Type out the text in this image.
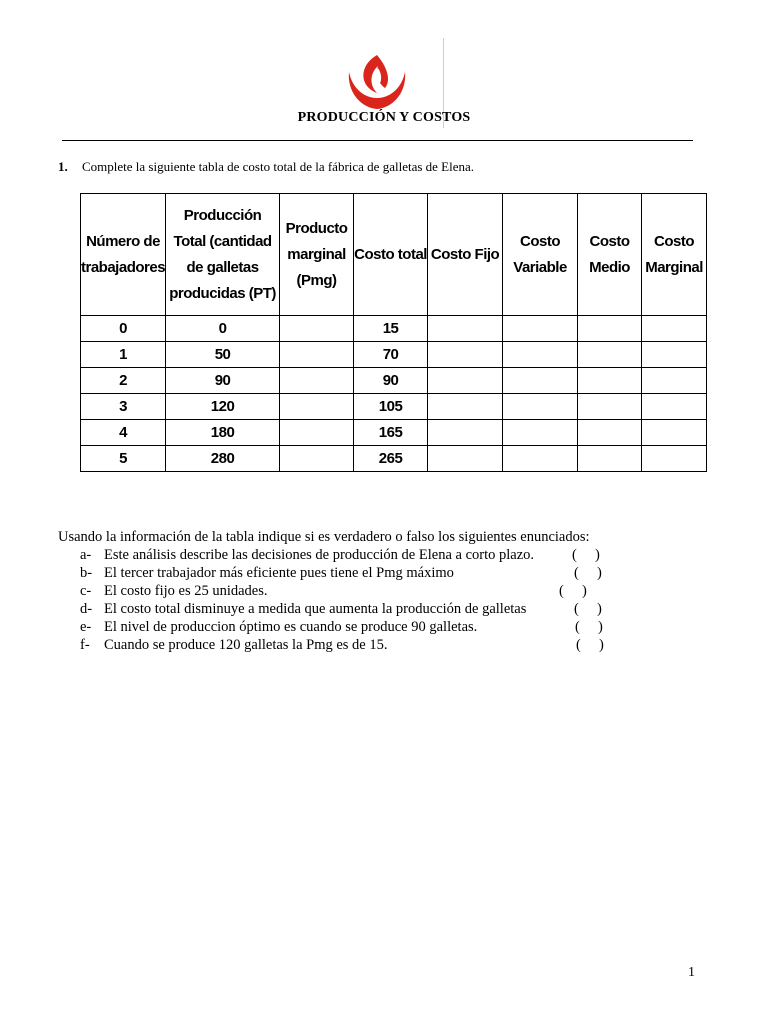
PRODUCCIÓN Y COSTOS
1. Complete la siguiente tabla de costo total de la fábrica de galletas de Elena.
Número de trabajadores	Producción Total (cantidad de galletas producidas (PT)	Producto marginal (Pmg)	Costo total	Costo Fijo	Costo Variable	Costo Medio	Costo Marginal
0	0		15				
1	50		70				
2	90		90				
3	120		105				
4	180		165				
5	280		265				
Usando la información de la tabla indique si es verdadero o falso los siguientes enunciados:
a- Este análisis describe las decisiones de producción de Elena a corto plazo.	(     )
b- El tercer trabajador más eficiente pues tiene el Pmg máximo	(     )
c- El costo fijo es 25 unidades.	(     )
d- El costo total disminuye a medida que aumenta la producción de galletas	(     )
e- El nivel de produccion óptimo es cuando se produce 90 galletas.	(     )
f- Cuando se produce 120 galletas la Pmg es de 15.	(     )
1
